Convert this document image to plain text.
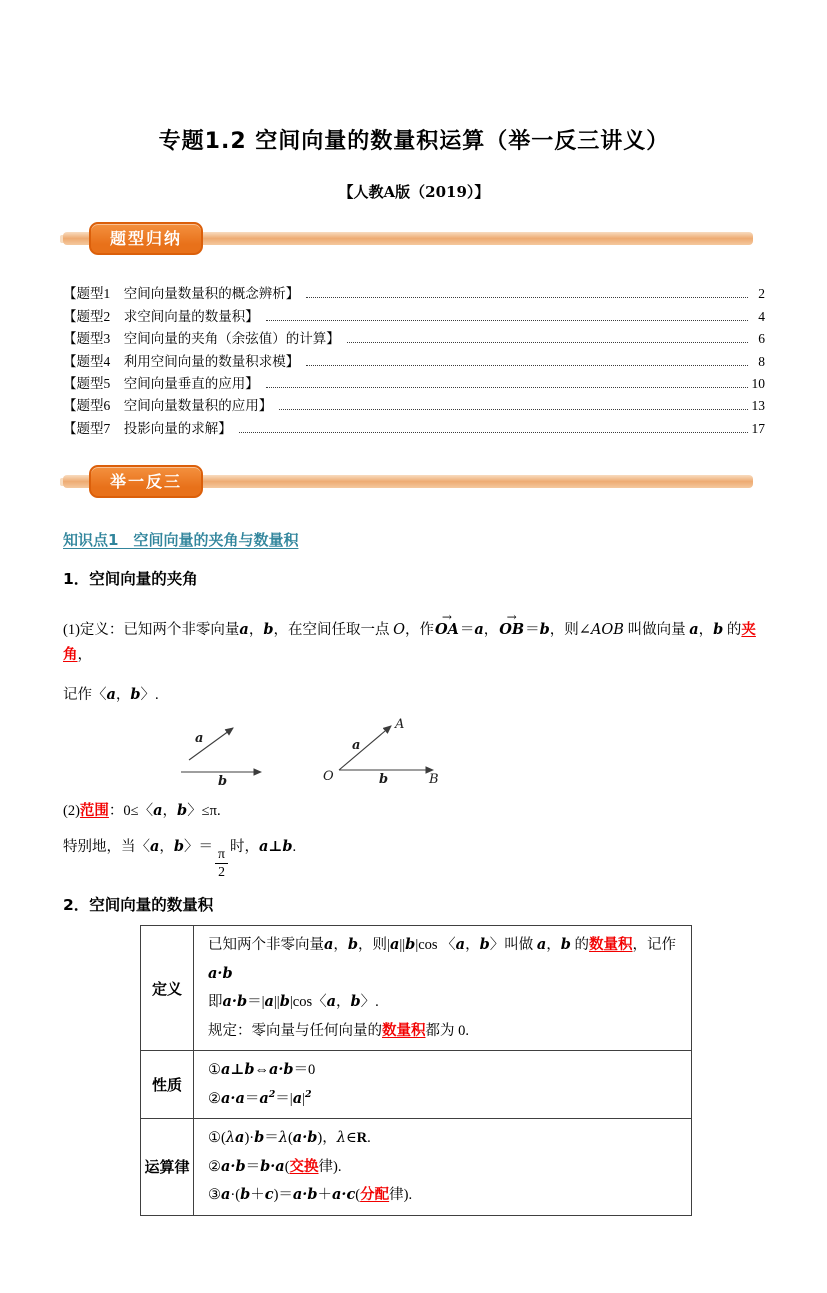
专题1.2 空间向量的数量积运算（举一反三讲义）
【人教A版（2019）】
题型归纳
【题型1　空间向量数量积的概念辨析】	2
【题型2　求空间向量的数量积】	4
【题型3　空间向量的夹角（余弦值）的计算】	6
【题型4　利用空间向量的数量积求模】	8
【题型5　空间向量垂直的应用】	10
【题型6　空间向量数量积的应用】	13
【题型7　投影向量的求解】	17
举一反三
知识点1　空间向量的夹角与数量积
1．空间向量的夹角
(1)定义：已知两个非零向量a，b，在空间任取一点 O，作OA →＝a，OB →＝b，则∠AOB 叫做向量 a，b 的夹角，
记作〈a，b〉.
a
b
A
a
O	b	B
(2)范围：0≤〈a，b〉≤π.
特别地，当〈a，b〉＝
$\frac{\pi}{2}$
时，a⊥b.
2．空间向量的数量积
定义	已知两个非零向量a，b，则|a||b|cos 〈a，b〉叫做 a，b 的数量积，记作
a·b
即a·b＝|a||b|cos〈a，b〉.
规定：零向量与任何向量的数量积都为 0.

性质	①a⊥b⇔a·b＝0
$②a\cdot a=a^2=|a|^2$

运算律	①(λa)·b＝λ(a·b)，λ∈R.
②a·b＝b·a(交换律).
③a·(b＋c)＝a·b＋a·c(分配律).
